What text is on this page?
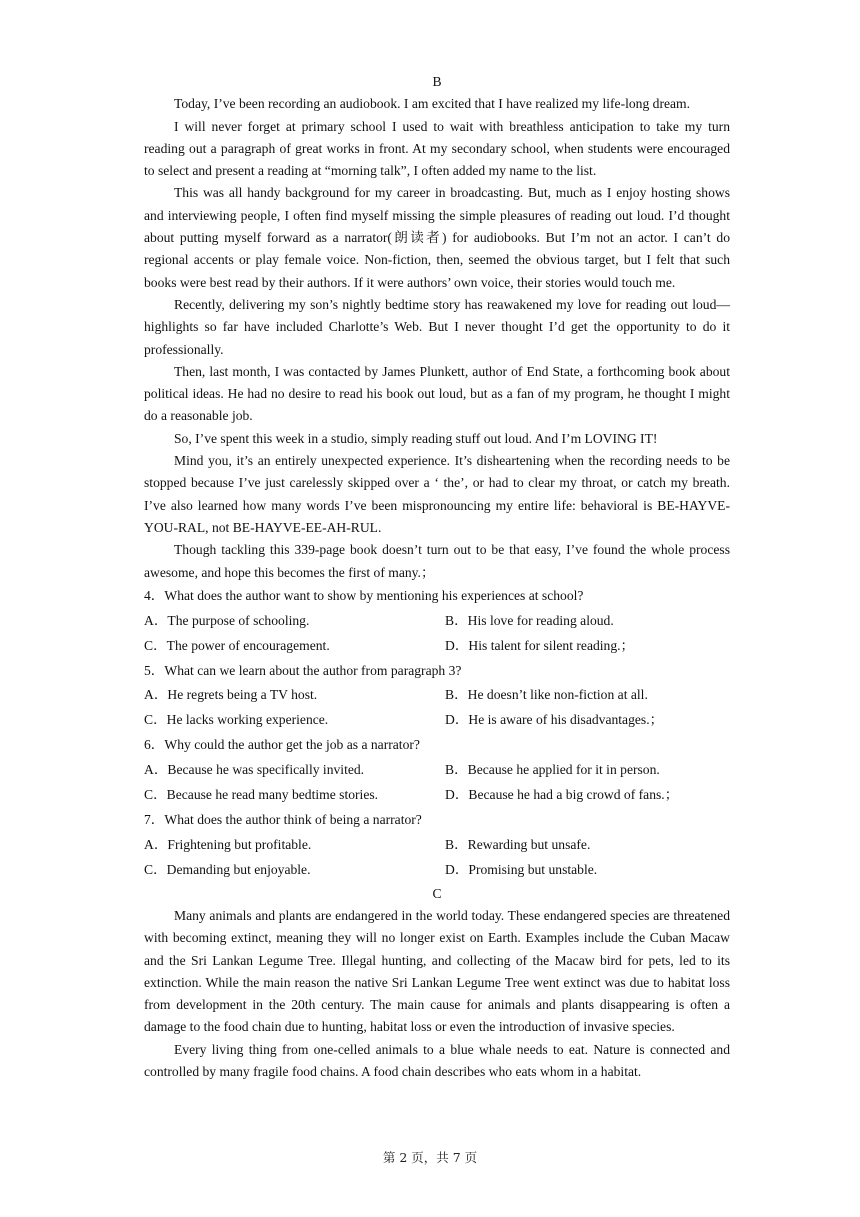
B

Today, I’ve been recording an audiobook. I am excited that I have realized my life-long dream.

I will never forget at primary school I used to wait with breathless anticipation to take my turn reading out a paragraph of great works in front. At my secondary school, when students were encouraged to select and present a reading at “morning talk”, I often added my name to the list.

This was all handy background for my career in broadcasting. But, much as I enjoy hosting shows and interviewing people, I often find myself missing the simple pleasures of reading out loud. I’d thought about putting myself forward as a narrator(朗读者) for audiobooks. But I’m not an actor. I can’t do regional accents or play female voice. Non-fiction, then, seemed the obvious target, but I felt that such books were best read by their authors. If it were authors’ own voice, their stories would touch me.

Recently, delivering my son’s nightly bedtime story has reawakened my love for reading out loud—highlights so far have included Charlotte’s Web. But I never thought I’d get the opportunity to do it professionally.

Then, last month, I was contacted by James Plunkett, author of End State, a forthcoming book about political ideas. He had no desire to read his book out loud, but as a fan of my program, he thought I might do a reasonable job.

So, I’ve spent this week in a studio, simply reading stuff out loud. And I’m LOVING IT!

Mind you, it’s an entirely unexpected experience. It’s disheartening when the recording needs to be stopped because I’ve just carelessly skipped over a ‘ the’, or had to clear my throat, or catch my breath. I’ve also learned how many words I’ve been mispronouncing my entire life: behavioral is BE-HAYVE-YOU-RAL, not BE-HAYVE-EE-AH-RUL.

Though tackling this 339-page book doesn’t turn out to be that easy, I’ve found the whole process awesome, and hope this becomes the first of many.；

4．What does the author want to show by mentioning his experiences at school?

A．The purpose of schooling.	B．His love for reading aloud.
C．The power of encouragement.	D．His talent for silent reading.；

5．What can we learn about the author from paragraph 3?

A．He regrets being a TV host.	B．He doesn’t like non-fiction at all.
C．He lacks working experience.	D．He is aware of his disadvantages.；

6．Why could the author get the job as a narrator?

A．Because he was specifically invited.	B．Because he applied for it in person.
C．Because he read many bedtime stories.	D．Because he had a big crowd of fans.；

7．What does the author think of being a narrator?

A．Frightening but profitable.	B．Rewarding but unsafe.
C．Demanding but enjoyable.	D．Promising but unstable.
C

Many animals and plants are endangered in the world today. These endangered species are threatened with becoming extinct, meaning they will no longer exist on Earth. Examples include the Cuban Macaw and the Sri Lankan Legume Tree. Illegal hunting, and collecting of the Macaw bird for pets, led to its extinction. While the main reason the native Sri Lankan Legume Tree went extinct was due to habitat loss from development in the 20th century. The main cause for animals and plants disappearing is often a damage to the food chain due to hunting, habitat loss or even the introduction of invasive species.

Every living thing from one-celled animals to a blue whale needs to eat. Nature is connected and controlled by many fragile food chains. A food chain describes who eats whom in a habitat.

第 2 页，共 7 页
